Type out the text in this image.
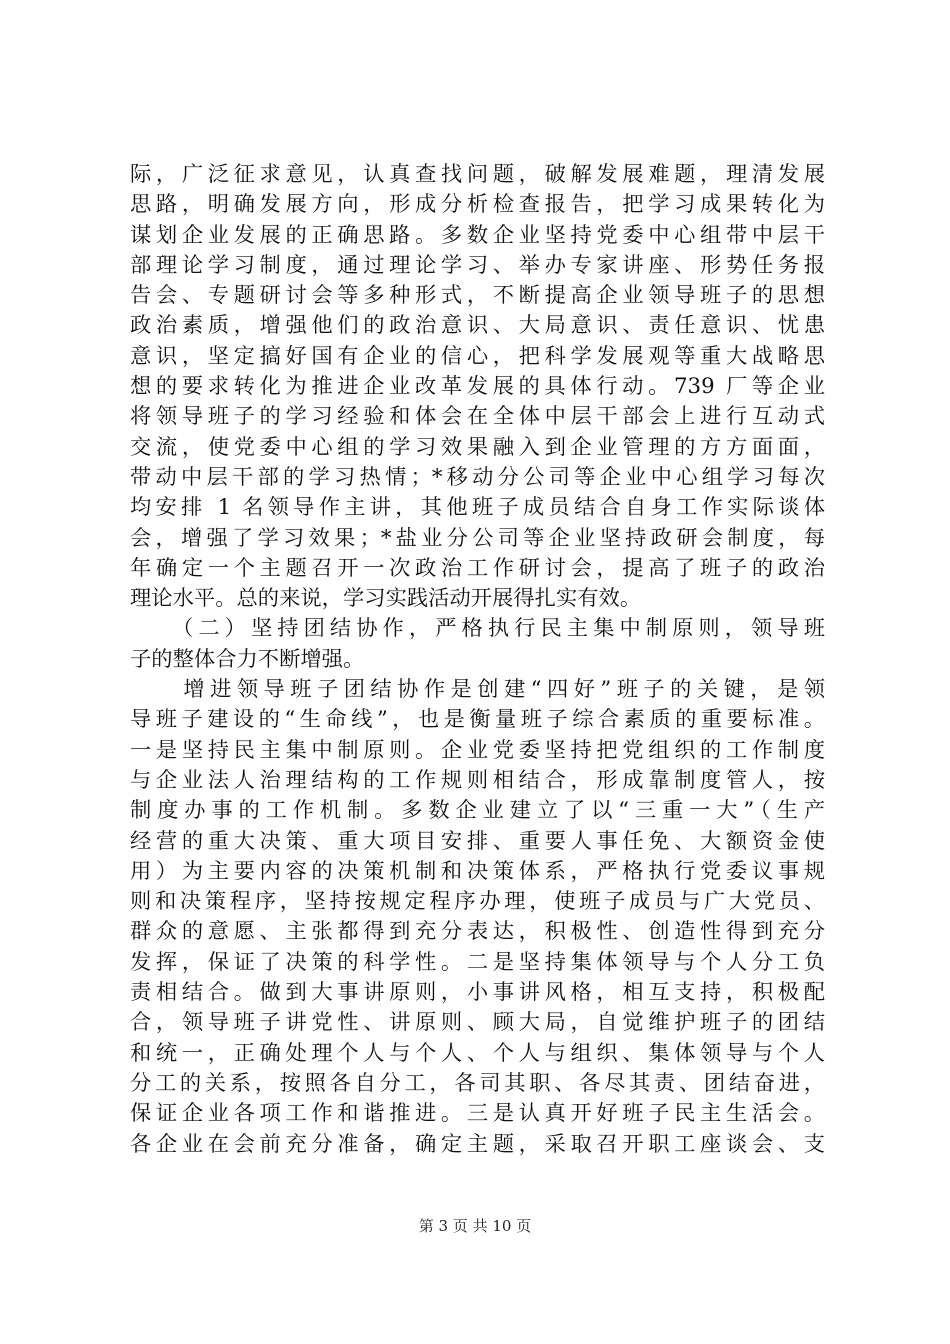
际，广泛征求意见，认真查找问题，破解发展难题，理清发展
思路，明确发展方向，形成分析检查报告，把学习成果转化为
谋划企业发展的正确思路。多数企业坚持党委中心组带中层干
部理论学习制度，通过理论学习、举办专家讲座、形势任务报
告会、专题研讨会等多种形式，不断提高企业领导班子的思想
政治素质，增强他们的政治意识、大局意识、责任意识、忧患
意识，坚定搞好国有企业的信心，把科学发展观等重大战略思
想的要求转化为推进企业改革发展的具体行动。739 厂等企业
将领导班子的学习经验和体会在全体中层干部会上进行互动式
交流，使党委中心组的学习效果融入到企业管理的方方面面，
带动中层干部的学习热情；*移动分公司等企业中心组学习每次
均安排 1 名领导作主讲，其他班子成员结合自身工作实际谈体
会，增强了学习效果；*盐业分公司等企业坚持政研会制度，每
年确定一个主题召开一次政治工作研讨会，提高了班子的政治
理论水平。总的来说，学习实践活动开展得扎实有效。
　　（二）坚持团结协作，严格执行民主集中制原则，领导班
子的整体合力不断增强。
　　增进领导班子团结协作是创建“四好”班子的关键，是领
导班子建设的“生命线”，也是衡量班子综合素质的重要标准。
一是坚持民主集中制原则。企业党委坚持把党组织的工作制度
与企业法人治理结构的工作规则相结合，形成靠制度管人，按
制度办事的工作机制。多数企业建立了以“三重一大”（生产
经营的重大决策、重大项目安排、重要人事任免、大额资金使
用）为主要内容的决策机制和决策体系，严格执行党委议事规
则和决策程序，坚持按规定程序办理，使班子成员与广大党员、
群众的意愿、主张都得到充分表达，积极性、创造性得到充分
发挥，保证了决策的科学性。二是坚持集体领导与个人分工负
责相结合。做到大事讲原则，小事讲风格，相互支持，积极配
合，领导班子讲党性、讲原则、顾大局，自觉维护班子的团结
和统一，正确处理个人与个人、个人与组织、集体领导与个人
分工的关系，按照各自分工，各司其职、各尽其责、团结奋进，
保证企业各项工作和谐推进。三是认真开好班子民主生活会。
各企业在会前充分准备，确定主题，采取召开职工座谈会、支
第 3 页 共 10 页
